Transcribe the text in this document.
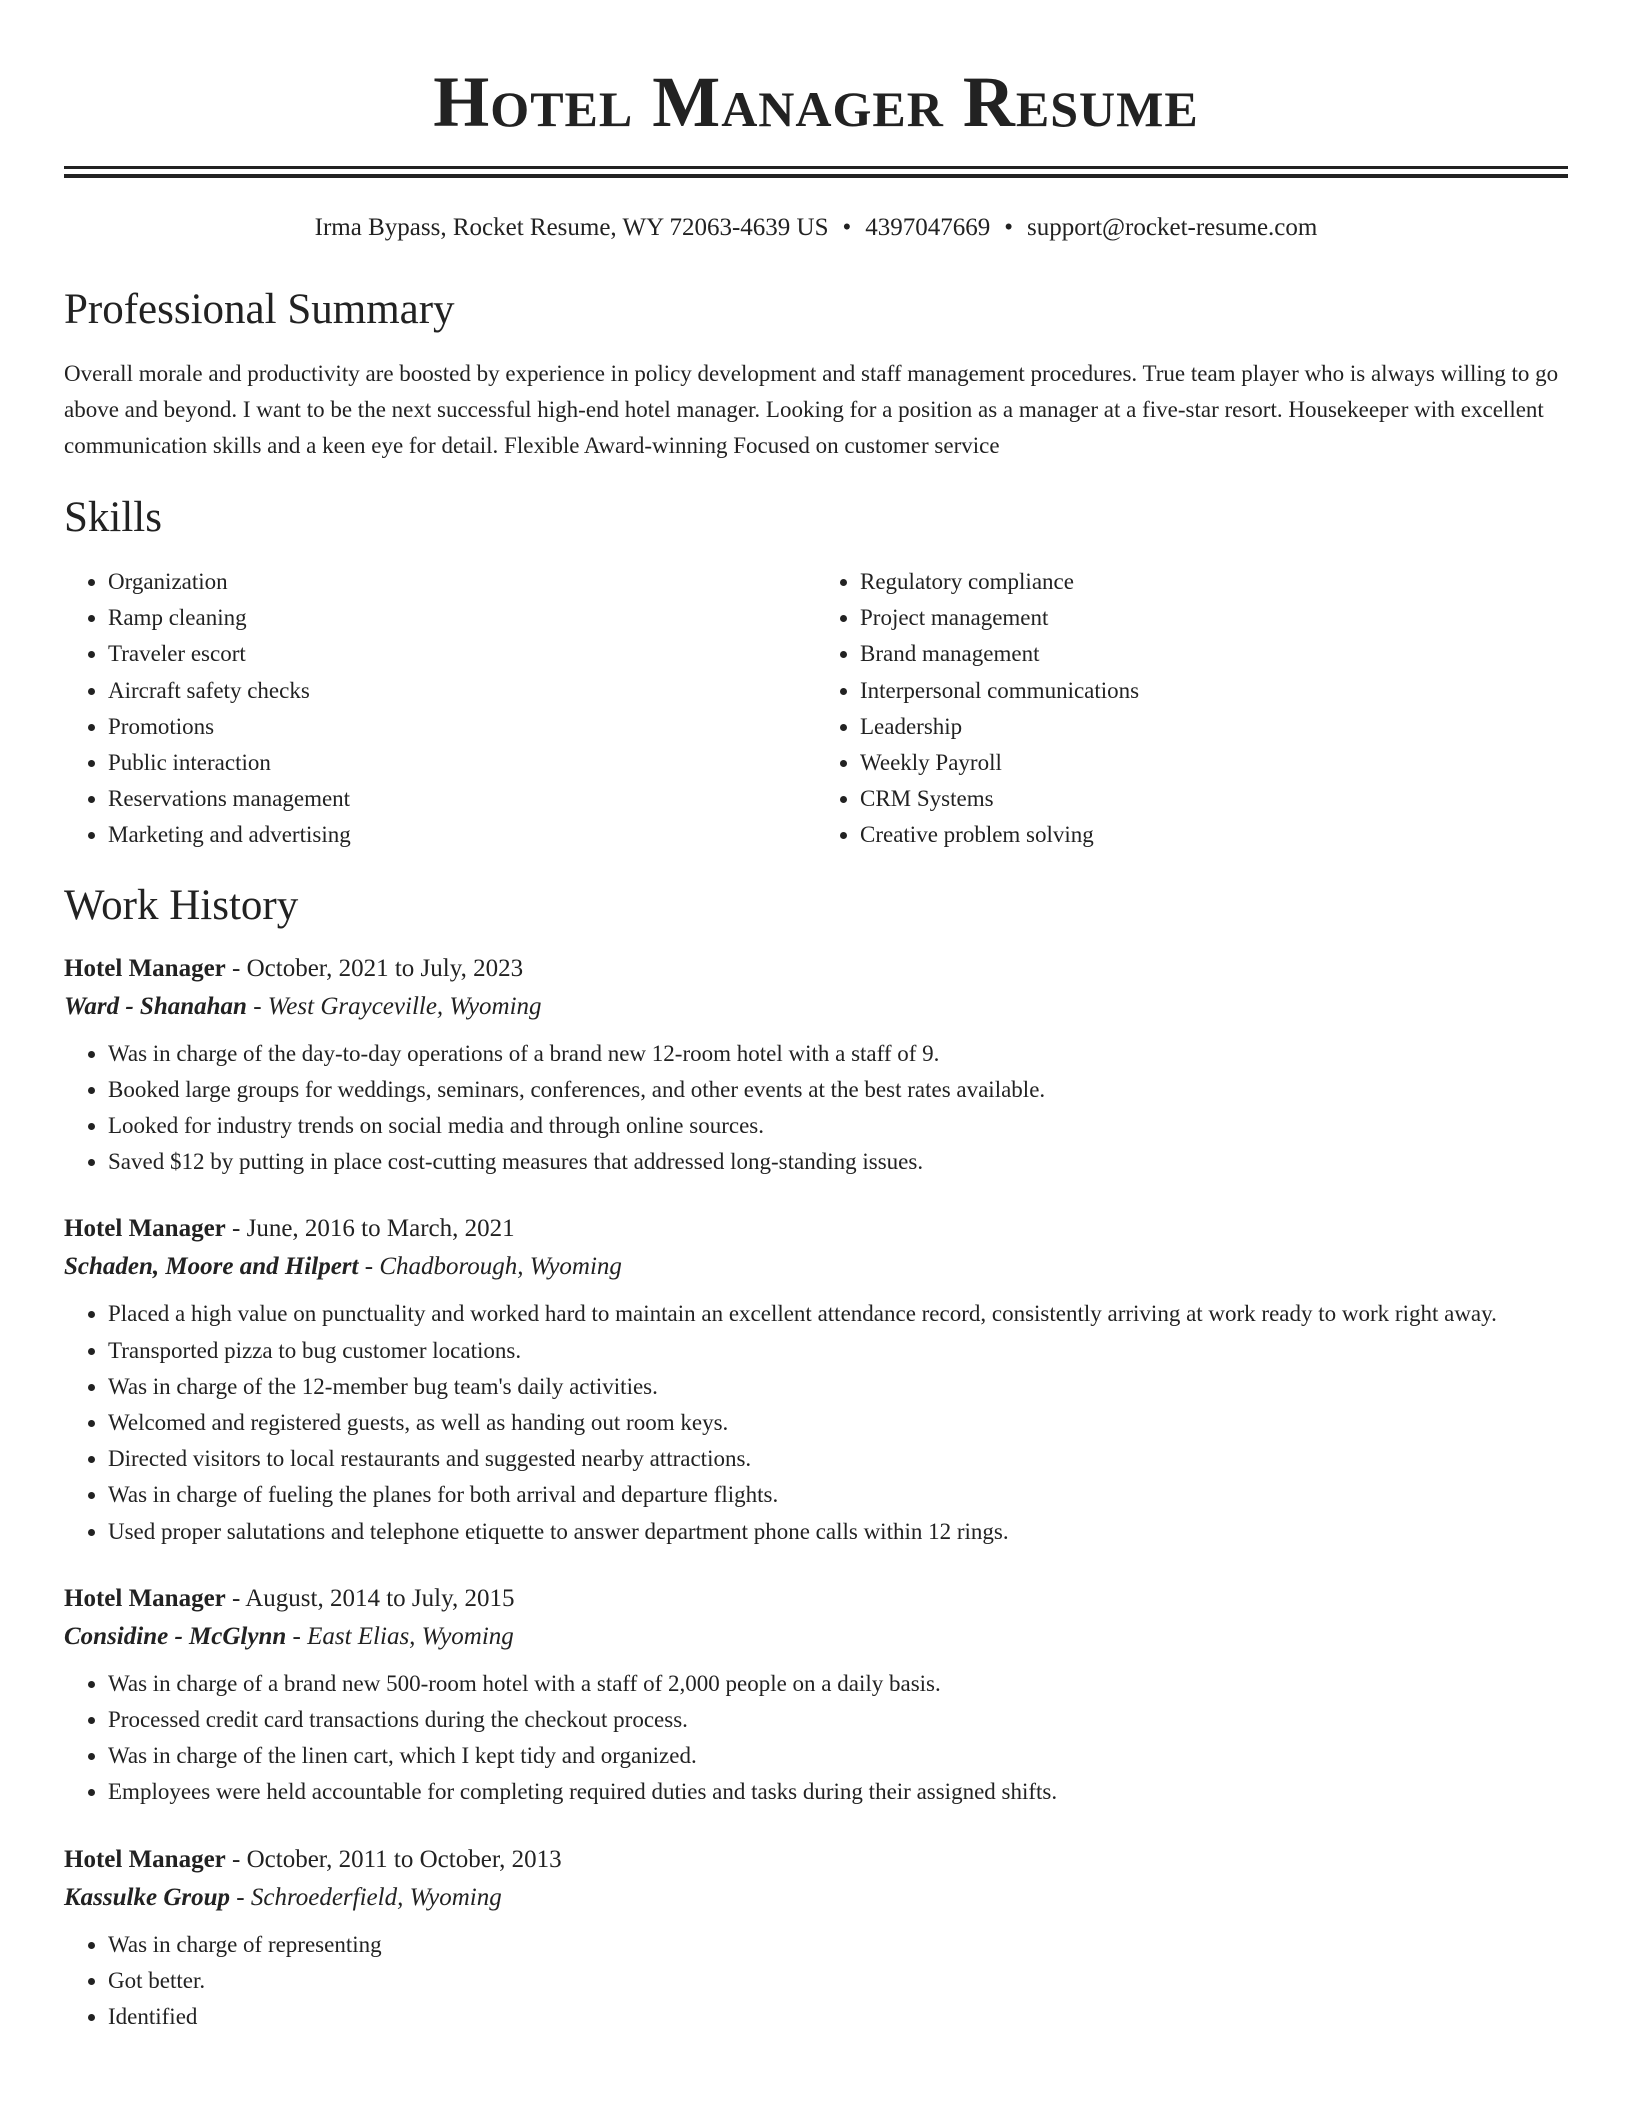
Hotel Manager Resume
Irma Bypass, Rocket Resume, WY 72063-4639 US • 4397047669 • support@rocket-resume.com
Professional Summary

Overall morale and productivity are boosted by experience in policy development and staff management procedures. True team player who is always willing to go above and beyond. I want to be the next successful high-end hotel manager. Looking for a position as a manager at a five-star resort. Housekeeper with excellent communication skills and a keen eye for detail. Flexible Award-winning Focused on customer service

Skills
• Organization
• Ramp cleaning
• Traveler escort
• Aircraft safety checks
• Promotions
• Public interaction
• Reservations management
• Marketing and advertising
• Regulatory compliance
• Project management
• Brand management
• Interpersonal communications
• Leadership
• Weekly Payroll
• CRM Systems
• Creative problem solving
Work History
Hotel Manager - October, 2021 to July, 2023
Ward - Shanahan - West Grayceville, Wyoming
• Was in charge of the day-to-day operations of a brand new 12-room hotel with a staff of 9.
• Booked large groups for weddings, seminars, conferences, and other events at the best rates available.
• Looked for industry trends on social media and through online sources.
• Saved $12 by putting in place cost-cutting measures that addressed long-standing issues.
Hotel Manager - June, 2016 to March, 2021
Schaden, Moore and Hilpert - Chadborough, Wyoming
• Placed a high value on punctuality and worked hard to maintain an excellent attendance record, consistently arriving at work ready to work right away.
• Transported pizza to bug customer locations.
• Was in charge of the 12-member bug team's daily activities.
• Welcomed and registered guests, as well as handing out room keys.
• Directed visitors to local restaurants and suggested nearby attractions.
• Was in charge of fueling the planes for both arrival and departure flights.
• Used proper salutations and telephone etiquette to answer department phone calls within 12 rings.
Hotel Manager - August, 2014 to July, 2015
Considine - McGlynn - East Elias, Wyoming
• Was in charge of a brand new 500-room hotel with a staff of 2,000 people on a daily basis.
• Processed credit card transactions during the checkout process.
• Was in charge of the linen cart, which I kept tidy and organized.
• Employees were held accountable for completing required duties and tasks during their assigned shifts.
Hotel Manager - October, 2011 to October, 2013
Kassulke Group - Schroederfield, Wyoming
• Was in charge of representing
• Got better.
• Identified
